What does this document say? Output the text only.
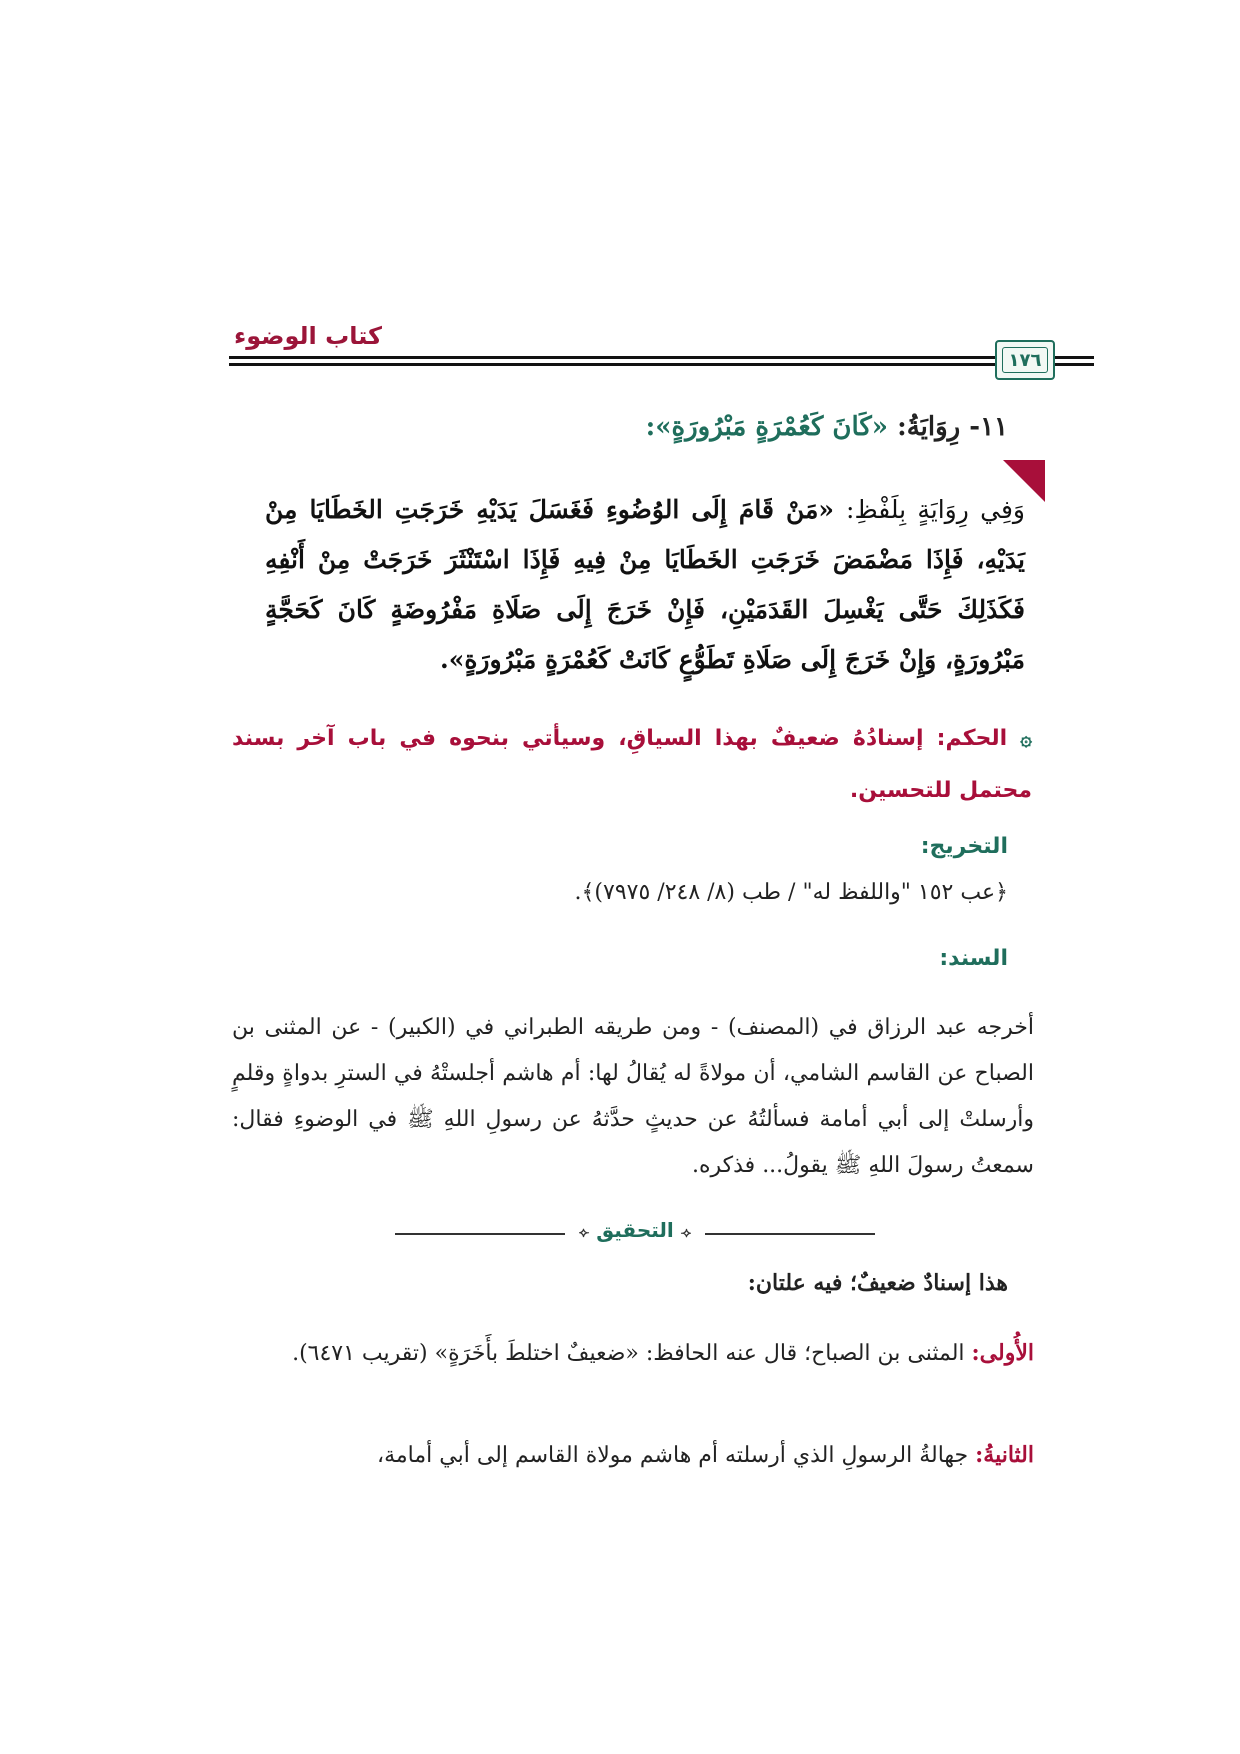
كتاب الوضوء
١٧٦
١١- رِوَايَةُ: «كَانَ كَعُمْرَةٍ مَبْرُورَةٍ»:
وَفِي رِوَايَةٍ بِلَفْظِ: «مَنْ قَامَ إِلَى الوُضُوءِ فَغَسَلَ يَدَيْهِ خَرَجَتِ الخَطَايَا مِنْ يَدَيْهِ، فَإِذَا مَضْمَضَ خَرَجَتِ الخَطَايَا مِنْ فِيهِ فَإِذَا اسْتَنْثَرَ خَرَجَتْ مِنْ أَنْفِهِ فَكَذَلِكَ حَتَّى يَغْسِلَ القَدَمَيْنِ، فَإِنْ خَرَجَ إِلَى صَلَاةِ مَفْرُوضَةٍ كَانَ كَحَجَّةٍ مَبْرُورَةٍ، وَإِنْ خَرَجَ إِلَى صَلَاةِ تَطَوُّعٍ كَانَتْ كَعُمْرَةٍ مَبْرُورَةٍ».
۞ الحكم: إسنادُهُ ضعيفٌ بهذا السياقِ، وسيأتي بنحوه في باب آخر بسند محتمل للتحسين.
التخريج:
﴿عب ١٥٢ "واللفظ له" / طب (٨/ ٢٤٨/ ٧٩٧٥)﴾.
السند:
أخرجه عبد الرزاق في (المصنف) - ومن طريقه الطبراني في (الكبير) - عن المثنى بن الصباح عن القاسم الشامي، أن مولاةً له يُقالُ لها: أم هاشم أجلستْهُ في السترِ بدواةٍ وقلمٍ وأرسلتْ إلى أبي أمامة فسألتُهُ عن حديثٍ حدَّثهُ عن رسولِ اللهِ ﷺ في الوضوءِ فقال: سمعتُ رسولَ اللهِ ﷺ يقولُ... فذكره.
⟣ التحقيق ⟢
هذا إسنادٌ ضعيفٌ؛ فيه علتان:
الأُولى: المثنى بن الصباح؛ قال عنه الحافظ: «ضعيفٌ اختلطَ بأَخَرَةٍ» (تقريب ٦٤٧١).
الثانيةُ: جهالةُ الرسولِ الذي أرسلته أم هاشم مولاة القاسم إلى أبي أمامة،
